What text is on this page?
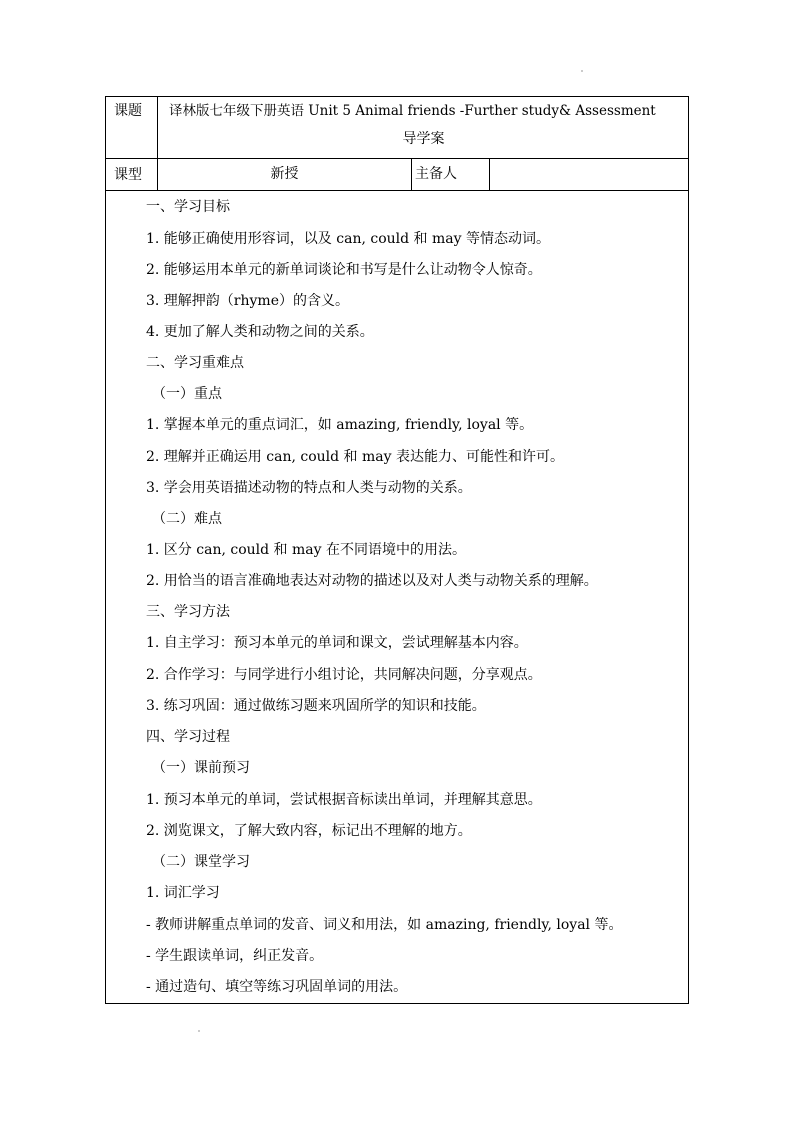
课题 译林版七年级下册英语 Unit 5 Animal friends -Further study& Assessment
导学案
课型	新授	主备人
一、学习目标
1. 能够正确使用形容词，以及 can, could 和 may 等情态动词。
2. 能够运用本单元的新单词谈论和书写是什么让动物令人惊奇。
3. 理解押韵（rhyme）的含义。
4. 更加了解人类和动物之间的关系。
二、学习重难点
（一）重点
1. 掌握本单元的重点词汇，如 amazing, friendly, loyal 等。
2. 理解并正确运用 can, could 和 may 表达能力、可能性和许可。
3. 学会用英语描述动物的特点和人类与动物的关系。
（二）难点
1. 区分 can, could 和 may 在不同语境中的用法。
2. 用恰当的语言准确地表达对动物的描述以及对人类与动物关系的理解。
三、学习方法
1. 自主学习：预习本单元的单词和课文，尝试理解基本内容。
2. 合作学习：与同学进行小组讨论，共同解决问题，分享观点。
3. 练习巩固：通过做练习题来巩固所学的知识和技能。
四、学习过程
（一）课前预习
1. 预习本单元的单词，尝试根据音标读出单词，并理解其意思。
2. 浏览课文，了解大致内容，标记出不理解的地方。
（二）课堂学习
1. 词汇学习
- 教师讲解重点单词的发音、词义和用法，如 amazing, friendly, loyal 等。
- 学生跟读单词，纠正发音。
- 通过造句、填空等练习巩固单词的用法。
